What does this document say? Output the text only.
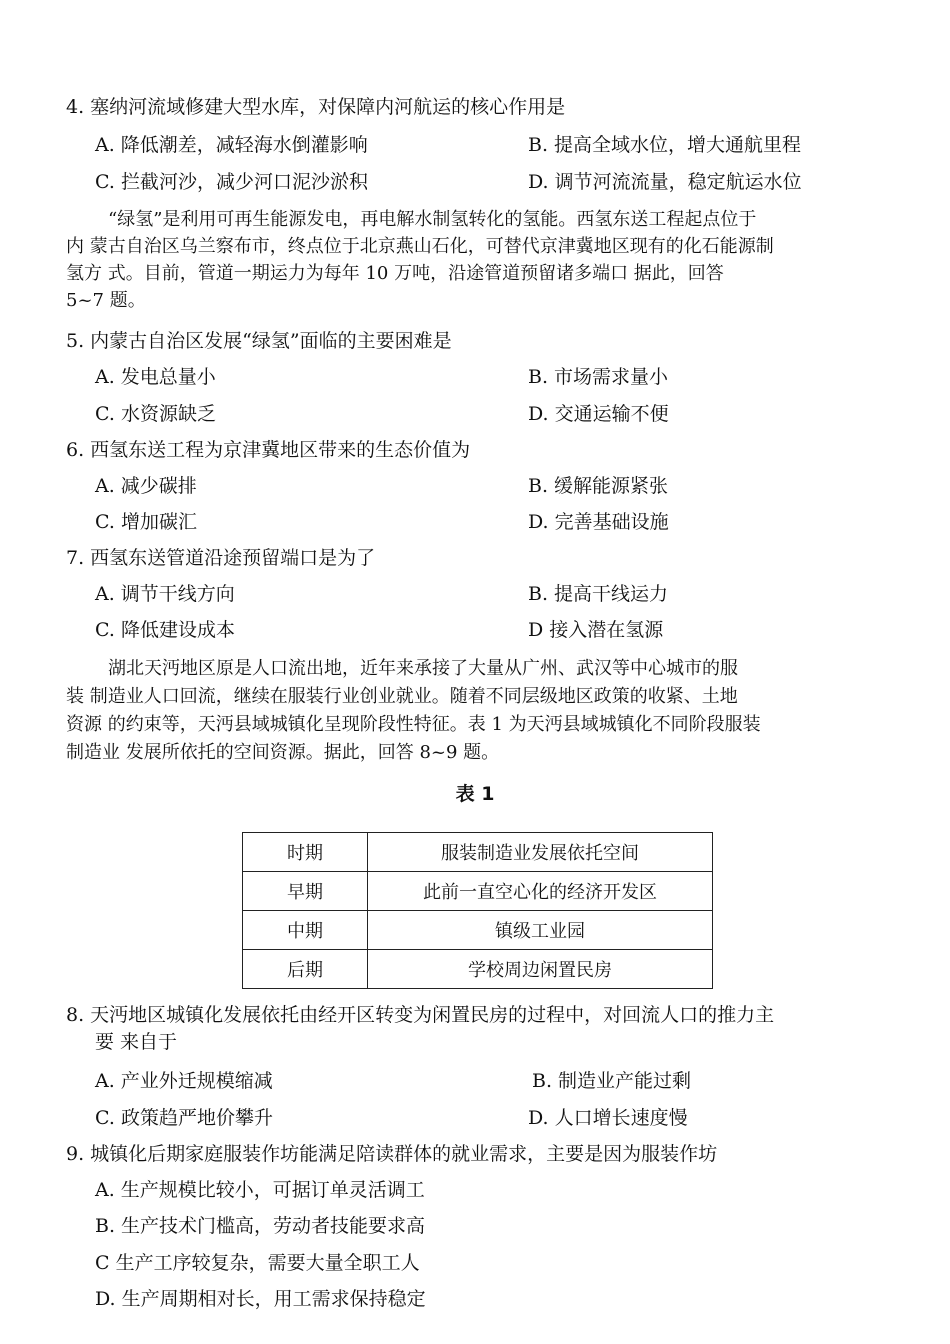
4. 塞纳河流域修建大型水库，对保障内河航运的核心作用是
A. 降低潮差，减轻海水倒灌影响	B. 提高全域水位，增大通航里程
C. 拦截河沙，减少河口泥沙淤积	D. 调节河流流量，稳定航运水位
“绿氢”是利用可再生能源发电，再电解水制氢转化的氢能。西氢东送工程起点位于
内 蒙古自治区乌兰察布市，终点位于北京燕山石化，可替代京津冀地区现有的化石能源制
氢方 式。目前，管道一期运力为每年 10 万吨，沿途管道预留诸多端口 据此，回答
5~7 题。
5. 内蒙古自治区发展“绿氢”面临的主要困难是
A. 发电总量小	B. 市场需求量小
C. 水资源缺乏	D. 交通运输不便
6. 西氢东送工程为京津冀地区带来的生态价值为
A. 减少碳排	B. 缓解能源紧张
C. 增加碳汇	D. 完善基础设施
7. 西氢东送管道沿途预留端口是为了
A. 调节干线方向	B. 提高干线运力
C. 降低建设成本	D 接入潜在氢源
湖北天沔地区原是人口流出地，近年来承接了大量从广州、武汉等中心城市的服
装 制造业人口回流，继续在服装行业创业就业。随着不同层级地区政策的收紧、土地
资源 的约束等，天沔县域城镇化呈现阶段性特征。表 1 为天沔县域城镇化不同阶段服装
制造业 发展所依托的空间资源。据此，回答 8~9 题。
表 1
时期	服装制造业发展依托空间
早期	此前一直空心化的经济开发区
中期	镇级工业园
后期	学校周边闲置民房
8. 天沔地区城镇化发展依托由经开区转变为闲置民房的过程中，对回流人口的推力主
要 来自于
A. 产业外迁规模缩减	B. 制造业产能过剩
C. 政策趋严地价攀升	D. 人口增长速度慢
9. 城镇化后期家庭服装作坊能满足陪读群体的就业需求，主要是因为服装作坊
A. 生产规模比较小，可据订单灵活调工
B. 生产技术门槛高，劳动者技能要求高
C 生产工序较复杂，需要大量全职工人
D. 生产周期相对长，用工需求保持稳定
